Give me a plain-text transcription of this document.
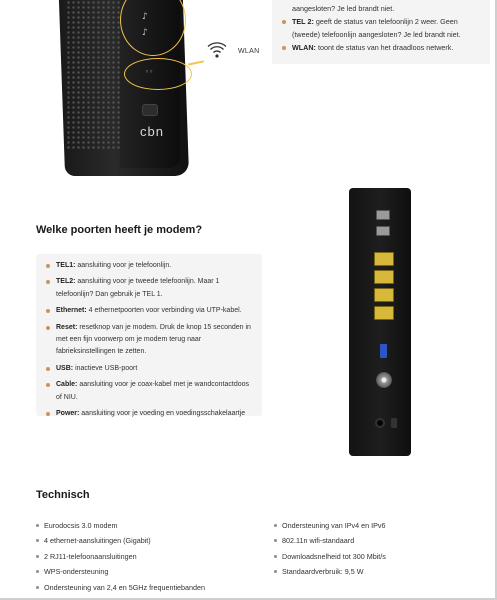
♪
♪
◦◦
cbn
WLAN
aangesloten? Je led brandt niet.
TEL 2: geeft de status van telefoonlijn 2 weer. Geen (tweede) telefoonlijn aangesloten? Je led brandt niet.
WLAN: toont de status van het draadloos netwerk.
Welke poorten heeft je modem?
TEL1: aansluiting voor je telefoonlijn.
TEL2: aansluiting voor je tweede telefoonlijn. Maar 1 telefoonlijn? Dan gebruik je TEL 1.
Ethernet: 4 ethernetpoorten voor verbinding via UTP-kabel.
Reset: resetknop van je modem. Druk de knop 15 seconden in met een fijn voorwerp om je modem terug naar fabrieksinstellingen te zetten.
USB: inactieve USB-poort
Cable: aansluiting voor je coax-kabel met je wandcontactdoos of NIU.
Power: aansluiting voor je voeding en voedingsschakelaartje
Technisch
Eurodocsis 3.0 modem
4 ethernet-aansluitingen (Gigabit)
2 RJ11-telefoonaansluitingen
WPS-ondersteuning
Ondersteuning van 2,4 en 5GHz frequentiebanden
Ondersteuning van IPv4 en IPv6
802.11n wifi-standaard
Downloadsnelheid tot 300 Mbit/s
Standaardverbruik: 9,5 W
